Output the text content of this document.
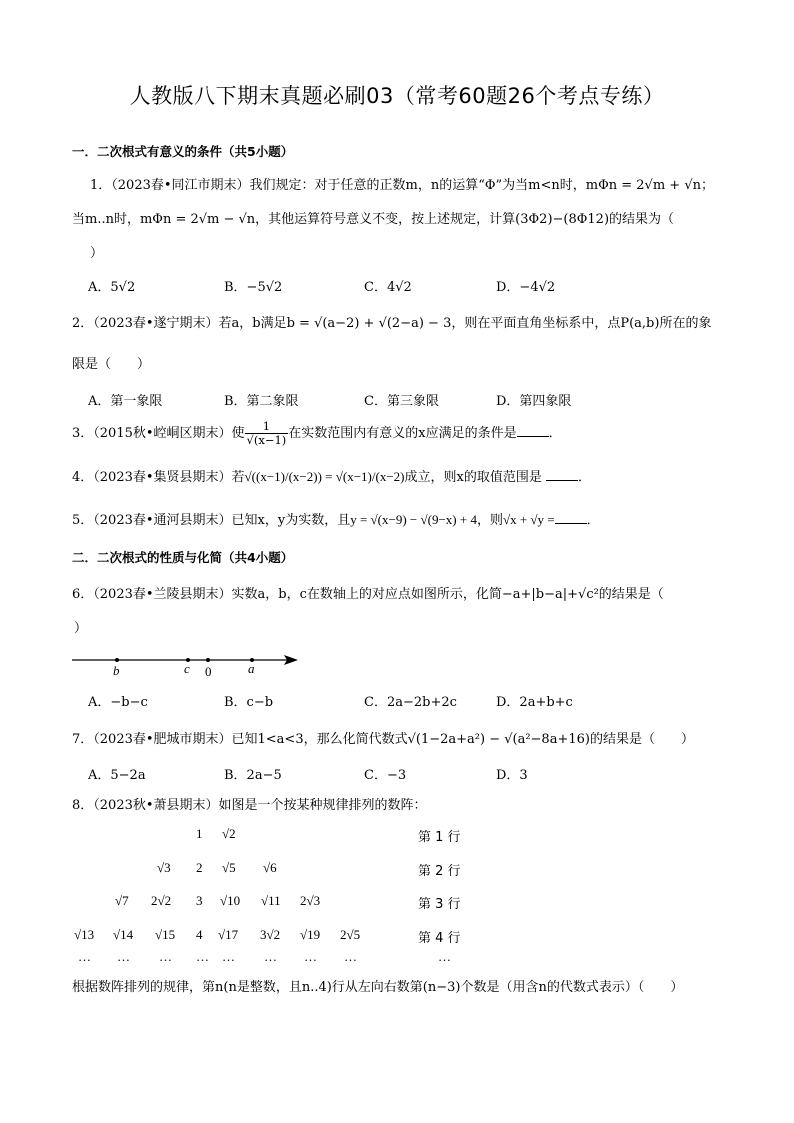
人教版八下期末真题必刷03（常考60题26个考点专练）
一．二次根式有意义的条件（共5小题）
1．（2023春•同江市期末）我们规定：对于任意的正数m，n的运算“Φ”为当m<n时，mΦn = 2√m + √n；
当m..n时，mΦn = 2√m − √n，其他运算符号意义不变，按上述规定，计算(3Φ2)−(8Φ12)的结果为（
）
A．5√2	B．−5√2	C．4√2	D．−4√2
2．（2023春•遂宁期末）若a，b满足b = √(a−2) + √(2−a) − 3，则在平面直角坐标系中，点P(a,b)所在的象
限是（　　）
A．第一象限	B．第二象限	C．第三象限	D．第四象限
3．（2015秋•崆峒区期末）使 $\frac{1}{√(x-1)}$ 在实数范围内有意义的x应满足的条件是 ．
4．（2023春•集贤县期末）若√((x−1)/(x−2)) = √(x−1)/(x−2)成立，则x的取值范围是	．
5．（2023春•通河县期末）已知x，y为实数，且y = √(x−9) − √(9−x) + 4，则√x + √y = ．
二．二次根式的性质与化简（共4小题）
6．（2023春•兰陵县期末）实数a，b，c在数轴上的对应点如图所示，化简−a+|b−a|+√c²的结果是（
）
b	c 0	a
A．−b−c	B．c−b	C．2a−2b+2c	D．2a+b+c
7．（2023春•肥城市期末）已知1<a<3，那么化简代数式√(1−2a+a²) − √(a²−8a+16)的结果是（　　）
A．5−2a	B．2a−5	C．−3	D．3
8．（2023秋•萧县期末）如图是一个按某种规律排列的数阵：
1 √2	第 1 行
√3 2 √5 √6	第 2 行
√7 2√2 3 √10 √11 2√3	第 3 行
√13 √14 √15 4 √17 3√2 √19 2√5	第 4 行
… … … … … … … …	…
根据数阵排列的规律，第n(n是整数，且n..4)行从左向右数第(n−3)个数是（用含n的代数式表示）（　　）
